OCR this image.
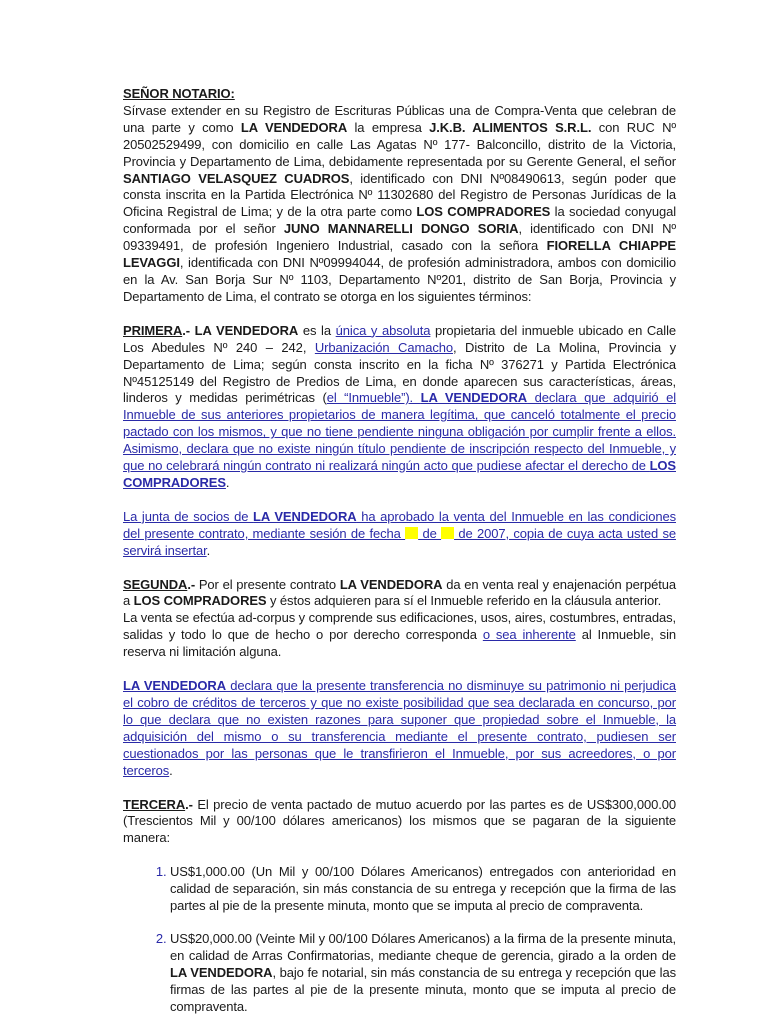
SEÑOR NOTARIO:
Sírvase extender en su Registro de Escrituras Públicas una de Compra-Venta que celebran de una parte y como LA VENDEDORA la empresa J.K.B. ALIMENTOS S.R.L. con RUC Nº 20502529499, con domicilio en calle Las Agatas Nº 177- Balconcillo, distrito de la Victoria, Provincia y Departamento de Lima, debidamente representada por su Gerente General, el señor SANTIAGO VELASQUEZ CUADROS, identificado con DNI Nº08490613, según poder que consta inscrita en la Partida Electrónica Nº 11302680 del Registro de Personas Jurídicas de la Oficina Registral de Lima; y de la otra parte como LOS COMPRADORES la sociedad conyugal conformada por el señor JUNO MANNARELLI DONGO SORIA, identificado con DNI Nº 09339491, de profesión Ingeniero Industrial, casado con la señora FIORELLA CHIAPPE LEVAGGI, identificada con DNI Nº09994044, de profesión administradora, ambos con domicilio en la Av. San Borja Sur Nº 1103, Departamento Nº201, distrito de San Borja, Provincia y Departamento de Lima, el contrato se otorga en los siguientes términos:

PRIMERA.- LA VENDEDORA es la única y absoluta propietaria del inmueble ubicado en Calle Los Abedules Nº 240 – 242, Urbanización Camacho, Distrito de La Molina, Provincia y Departamento de Lima; según consta inscrito en la ficha Nº 376271 y Partida Electrónica Nº45125149 del Registro de Predios de Lima, en donde aparecen sus características, áreas, linderos y medidas perimétricas (el “Inmueble”). LA VENDEDORA declara que adquirió el Inmueble de sus anteriores propietarios de manera legítima, que canceló totalmente el precio pactado con los mismos, y que no tiene pendiente ninguna obligación por cumplir frente a ellos. Asimismo, declara que no existe ningún título pendiente de inscripción respecto del Inmueble, y que no celebrará ningún contrato ni realizará ningún acto que pudiese afectar el derecho de LOS COMPRADORES.

La junta de socios de LA VENDEDORA ha aprobado la venta del Inmueble en las condiciones del presente contrato, mediante sesión de fecha  de  de 2007, copia de cuya acta usted se servirá insertar.

SEGUNDA.- Por el presente contrato LA VENDEDORA da en venta real y enajenación perpétua a LOS COMPRADORES y éstos adquieren para sí el Inmueble referido en la cláusula anterior.
La venta se efectúa ad-corpus y comprende sus edificaciones, usos, aires, costumbres, entradas, salidas y todo lo que de hecho o por derecho corresponda o sea inherente al Inmueble, sin reserva ni limitación alguna.

LA VENDEDORA declara que la presente transferencia no disminuye su patrimonio ni perjudica el cobro de créditos de terceros y que no existe posibilidad que sea declarada en concurso, por lo que declara que no existen razones para suponer que propiedad sobre el Inmueble, la adquisición del mismo o su transferencia mediante el presente contrato, pudiesen ser cuestionados por las personas que le transfirieron el Inmueble, por sus acreedores, o por terceros.

TERCERA.- El precio de venta pactado de mutuo acuerdo por las partes es de US$300,000.00 (Trescientos Mil y 00/100 dólares americanos) los mismos que se pagaran de la siguiente manera:

1. US$1,000.00 (Un Mil y 00/100 Dólares Americanos) entregados con anterioridad en calidad de separación, sin más constancia de su entrega y recepción que la firma de las partes al pie de la presente minuta, monto que se imputa al precio de compraventa.
2. US$20,000.00 (Veinte Mil y 00/100 Dólares Americanos) a la firma de la presente minuta, en calidad de Arras Confirmatorias, mediante cheque de gerencia, girado a la orden de LA VENDEDORA, bajo fe notarial, sin más constancia de su entrega y recepción que las firmas de las partes al pie de la presente minuta, monto que se imputa al precio de compraventa.
